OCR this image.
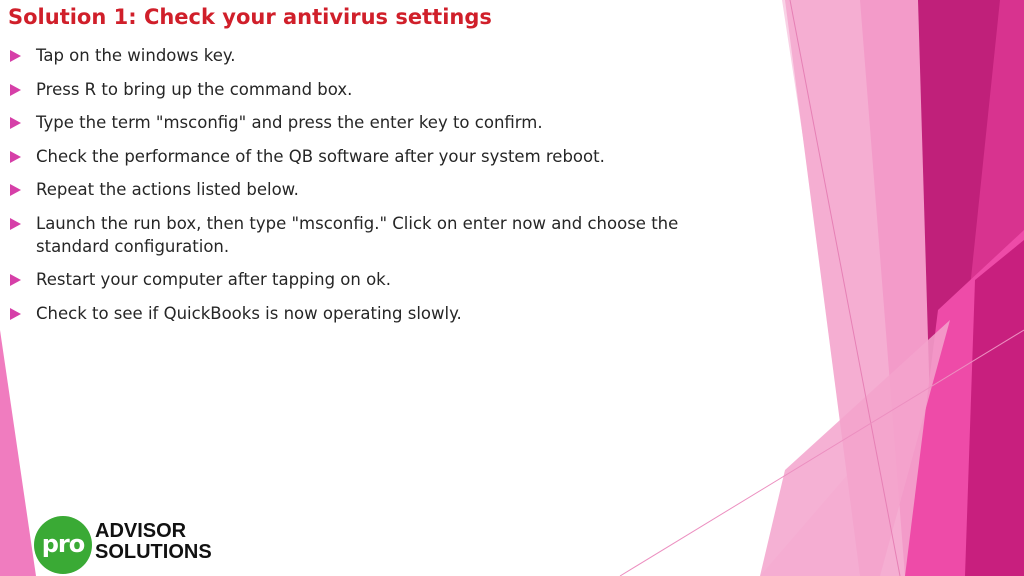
Solution 1: Check your antivirus settings
Tap on the windows key.
Press R to bring up the command box.
Type the term "msconfig" and press the enter key to confirm.
Check the performance of the QB software after your system reboot.
Repeat the actions listed below.
Launch the run box, then type "msconfig." Click on enter now and choose the standard configuration.
Restart your computer after tapping on ok.
Check to see if QuickBooks is now operating slowly.
pro ADVISOR
SOLUTIONS
